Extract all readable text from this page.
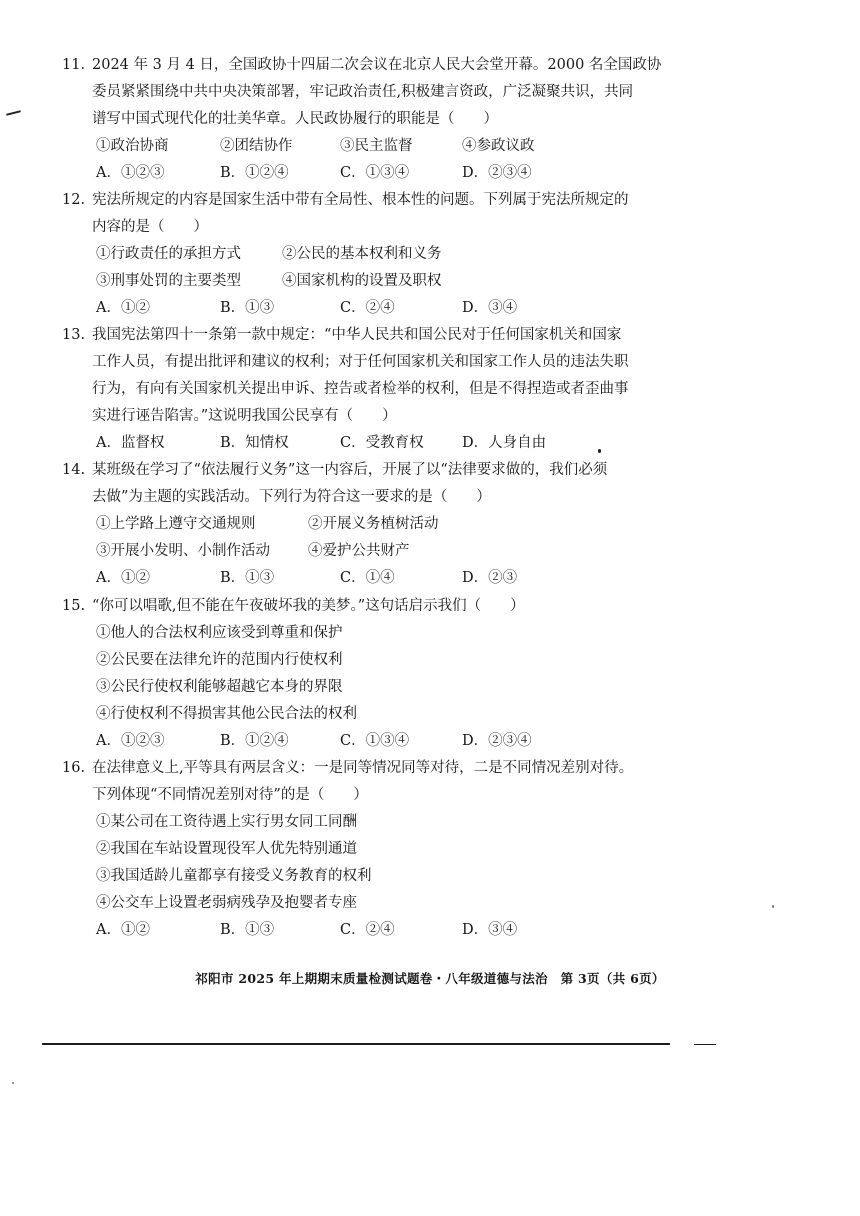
11. 2024 年 3 月 4 日，全国政协十四届二次会议在北京人民大会堂开幕。2000 名全国政协
委员紧紧围绕中共中央决策部署，牢记政治责任,积极建言资政，广泛凝聚共识，共同
谱写中国式现代化的壮美华章。人民政协履行的职能是（　　）
①政治协商	②团结协作	③民主监督	④参政议政
A．①②③	B．①②④	C．①③④	D．②③④
12. 宪法所规定的内容是国家生活中带有全局性、根本性的问题。下列属于宪法所规定的
内容的是（　　）
①行政责任的承担方式	②公民的基本权利和义务
③刑事处罚的主要类型	④国家机构的设置及职权
A．①②	B．①③	C．②④	D．③④
13. 我国宪法第四十一条第一款中规定：“中华人民共和国公民对于任何国家机关和国家
工作人员，有提出批评和建议的权利；对于任何国家机关和国家工作人员的违法失职
行为，有向有关国家机关提出申诉、控告或者检举的权利，但是不得捏造或者歪曲事
实进行诬告陷害。”这说明我国公民享有（　　）
A．监督权	B．知情权	C．受教育权	D．人身自由
14. 某班级在学习了“依法履行义务”这一内容后，开展了以“法律要求做的，我们必须
去做”为主题的实践活动。下列行为符合这一要求的是（　　）
①上学路上遵守交通规则	②开展义务植树活动
③开展小发明、小制作活动	④爱护公共财产
A．①②	B．①③	C．①④	D．②③
15. “你可以唱歌,但不能在午夜破坏我的美梦。”这句话启示我们（　　）
①他人的合法权利应该受到尊重和保护
②公民要在法律允许的范围内行使权利
③公民行使权利能够超越它本身的界限
④行使权利不得损害其他公民合法的权利
A．①②③	B．①②④	C．①③④	D．②③④
16. 在法律意义上,平等具有两层含义：一是同等情况同等对待，二是不同情况差别对待。
下列体现“不同情况差别对待”的是（　　）
①某公司在工资待遇上实行男女同工同酬
②我国在车站设置现役军人优先特别通道
③我国适龄儿童都享有接受义务教育的权利
④公交车上设置老弱病残孕及抱婴者专座
A．①②	B．①③	C．②④	D．③④
祁阳市 2025 年上期期末质量检测试题卷・八年级道德与法治　第 3页（共 6页）
